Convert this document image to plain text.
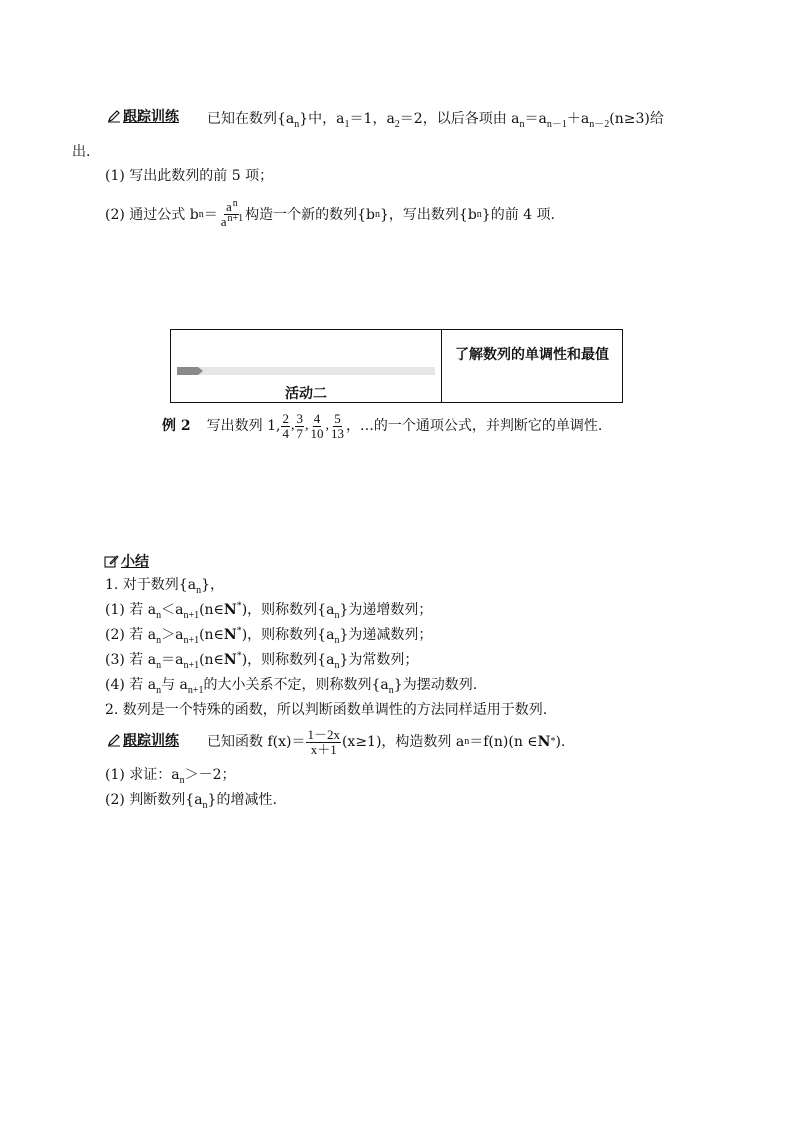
跟踪训练 已知在数列$\{a_n\}$中，$a_1=1$，$a_2=2$，以后各项由 $a_n=a_{n-1}+a_{n-2}(n\ge 3)$给
出.
(1) 写出此数列的前 5 项；
(2) 通过公式 b $n = \frac{a^n}{a^{n+1}}$ 构造一个新的数列{b n }，写出数列{b n }的前 4 项.
活动二
了解数列的单调性和最值
例 2 写出数列 1, $\frac{2}{4}$ , $\frac{3}{7}$ , $\frac{4}{10}$ , $\frac{5}{13}$ ，…的一个通项公式，并判断它的单调性.
小结
1. 对于数列$\{a_n\}$，
(1) 若 $a_n<a_{n+1}(n\in N^*)$，则称数列$\{a_n\}$为递增数列；
(2) 若 $a_n>a_{n+1}(n\in N^*)$，则称数列$\{a_n\}$为递减数列；
(3) 若 $a_n=a_{n+1}(n\in N^*)$，则称数列$\{a_n\}$为常数列；
(4) 若 $a_n$与 $a_{n+1}$的大小关系不定，则称数列$\{a_n\}$为摆动数列.
2. 数列是一个特殊的函数，所以判断函数单调性的方法同样适用于数列.
跟踪训练 已知函数 $f(x)= \frac{1-2x}{x+1} (x\ge 1)$，构造数列 a n ＝f(n)(n ∈ N * ).
(1) 求证：$a_n>-2$；
(2) 判断数列$\{a_n\}$的增减性.
